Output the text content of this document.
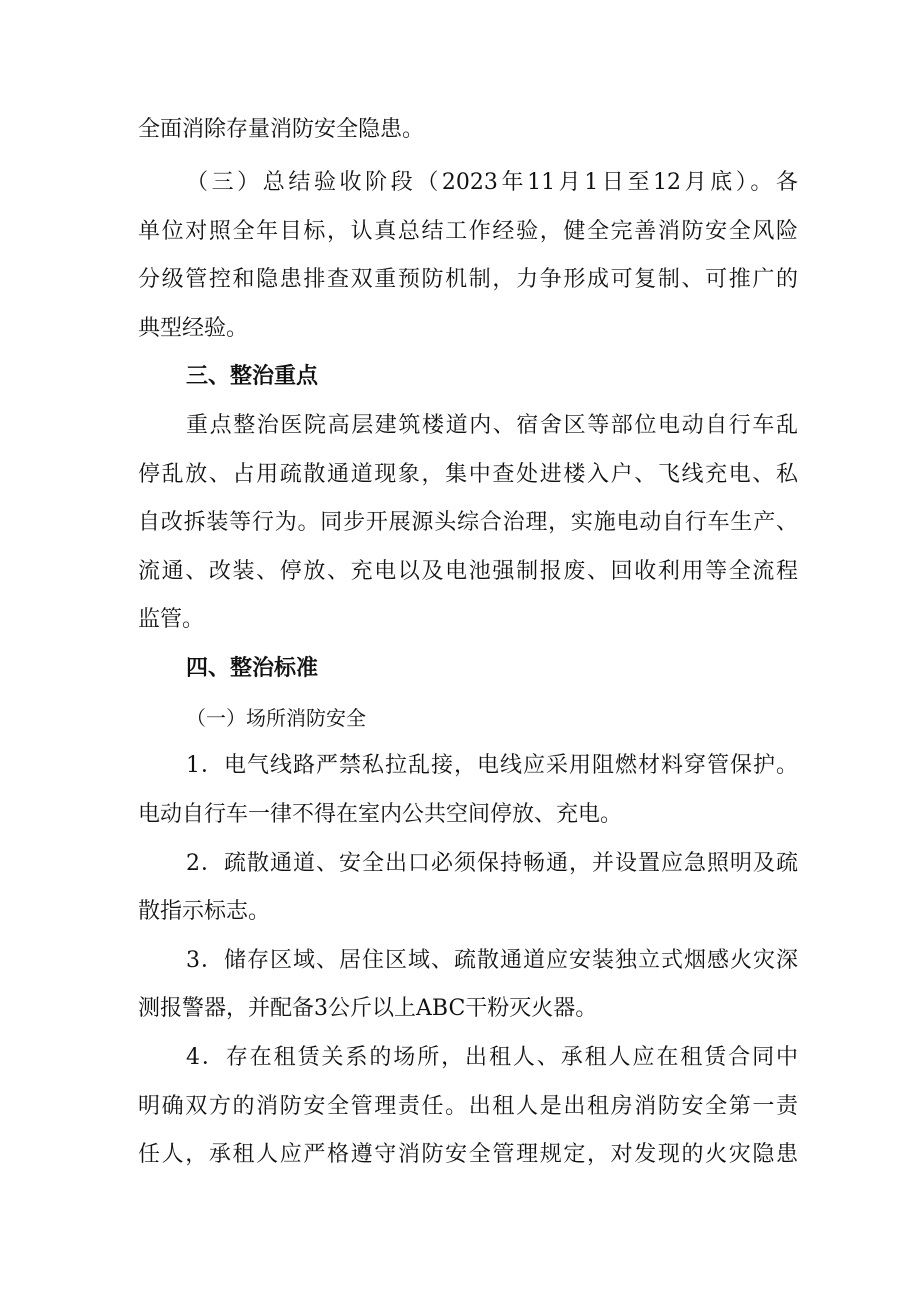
全面消除存量消防安全隐患。
（三）总结验收阶段（2023年11月1日至12月底）。各
单位对照全年目标，认真总结工作经验，健全完善消防安全风险
分级管控和隐患排查双重预防机制，力争形成可复制、可推广的
典型经验。
三、整治重点
重点整治医院高层建筑楼道内、宿舍区等部位电动自行车乱
停乱放、占用疏散通道现象，集中查处进楼入户、飞线充电、私
自改拆装等行为。同步开展源头综合治理，实施电动自行车生产、
流通、改装、停放、充电以及电池强制报废、回收利用等全流程
监管。
四、整治标准
（一）场所消防安全
1．电气线路严禁私拉乱接，电线应采用阻燃材料穿管保护。
电动自行车一律不得在室内公共空间停放、充电。
2．疏散通道、安全出口必须保持畅通，并设置应急照明及疏
散指示标志。
3．储存区域、居住区域、疏散通道应安装独立式烟感火灾深
测报警器，并配备3公斤以上ABC干粉灭火器。
4．存在租赁关系的场所，出租人、承租人应在租赁合同中
明确双方的消防安全管理责任。出租人是出租房消防安全第一责
任人，承租人应严格遵守消防安全管理规定，对发现的火灾隐患
